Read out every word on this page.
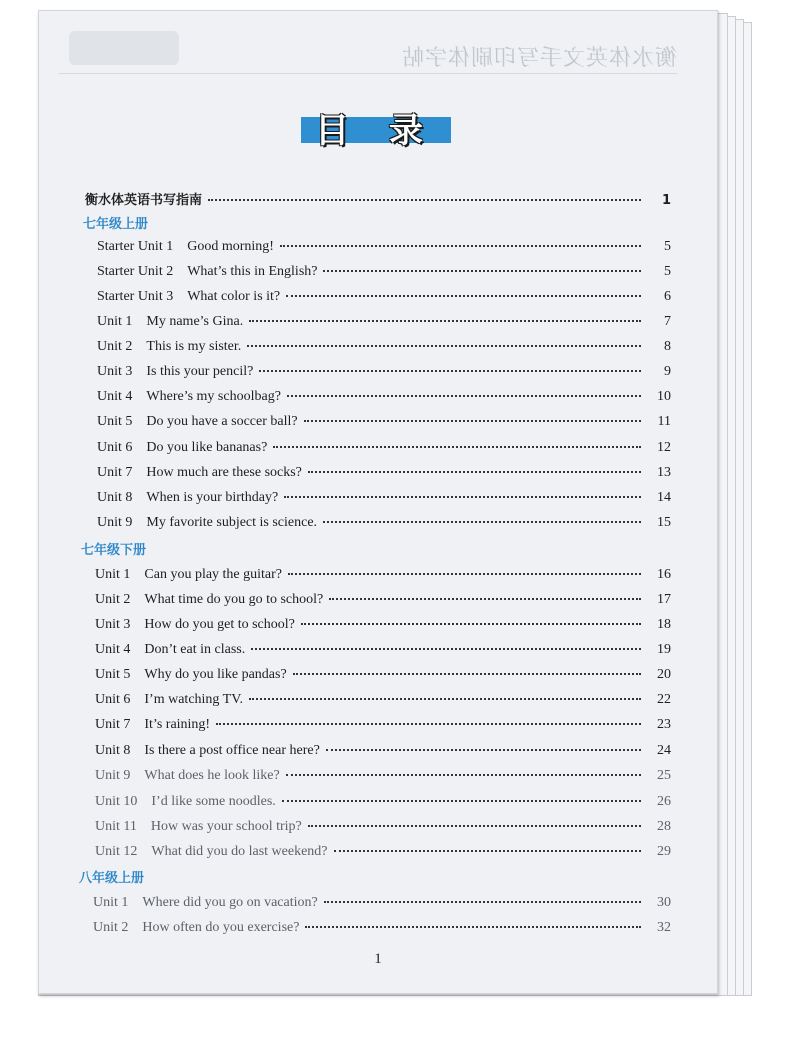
衡水体英文手写印刷体字帖
目 录
衡水体英语书写指南	1
七年级上册
Starter Unit 1 Good morning!	5
Starter Unit 2 What’s this in English?	5
Starter Unit 3 What color is it?	6
Unit 1 My name’s Gina.	7
Unit 2 This is my sister.	8
Unit 3 Is this your pencil?	9
Unit 4 Where’s my schoolbag?	10
Unit 5 Do you have a soccer ball?	11
Unit 6 Do you like bananas?	12
Unit 7 How much are these socks?	13
Unit 8 When is your birthday?	14
Unit 9 My favorite subject is science.	15
七年级下册
Unit 1 Can you play the guitar?	16
Unit 2 What time do you go to school?	17
Unit 3 How do you get to school?	18
Unit 4 Don’t eat in class.	19
Unit 5 Why do you like pandas?	20
Unit 6 I’m watching TV.	22
Unit 7 It’s raining!	23
Unit 8 Is there a post office near here?	24
Unit 9 What does he look like?	25
Unit 10 I’d like some noodles.	26
Unit 11 How was your school trip?	28
Unit 12 What did you do last weekend?	29
八年级上册
Unit 1 Where did you go on vacation?	30
Unit 2 How often do you exercise?	32
1
